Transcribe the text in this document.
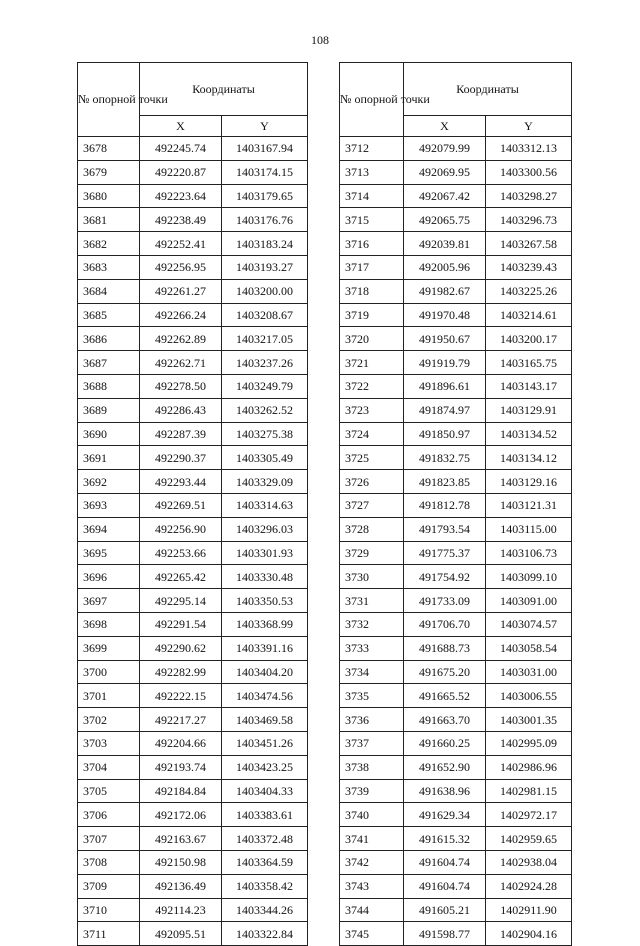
108
№ опорной точки	Координаты	
	X	Y
3678	492245.74	1403167.94
3679	492220.87	1403174.15
3680	492223.64	1403179.65
3681	492238.49	1403176.76
3682	492252.41	1403183.24
3683	492256.95	1403193.27
3684	492261.27	1403200.00
3685	492266.24	1403208.67
3686	492262.89	1403217.05
3687	492262.71	1403237.26
3688	492278.50	1403249.79
3689	492286.43	1403262.52
3690	492287.39	1403275.38
3691	492290.37	1403305.49
3692	492293.44	1403329.09
3693	492269.51	1403314.63
3694	492256.90	1403296.03
3695	492253.66	1403301.93
3696	492265.42	1403330.48
3697	492295.14	1403350.53
3698	492291.54	1403368.99
3699	492290.62	1403391.16
3700	492282.99	1403404.20
3701	492222.15	1403474.56
3702	492217.27	1403469.58
3703	492204.66	1403451.26
3704	492193.74	1403423.25
3705	492184.84	1403404.33
3706	492172.06	1403383.61
3707	492163.67	1403372.48
3708	492150.98	1403364.59
3709	492136.49	1403358.42
3710	492114.23	1403344.26
3711	492095.51	1403322.84
№ опорной точки	Координаты	
	X	Y
3712	492079.99	1403312.13
3713	492069.95	1403300.56
3714	492067.42	1403298.27
3715	492065.75	1403296.73
3716	492039.81	1403267.58
3717	492005.96	1403239.43
3718	491982.67	1403225.26
3719	491970.48	1403214.61
3720	491950.67	1403200.17
3721	491919.79	1403165.75
3722	491896.61	1403143.17
3723	491874.97	1403129.91
3724	491850.97	1403134.52
3725	491832.75	1403134.12
3726	491823.85	1403129.16
3727	491812.78	1403121.31
3728	491793.54	1403115.00
3729	491775.37	1403106.73
3730	491754.92	1403099.10
3731	491733.09	1403091.00
3732	491706.70	1403074.57
3733	491688.73	1403058.54
3734	491675.20	1403031.00
3735	491665.52	1403006.55
3736	491663.70	1403001.35
3737	491660.25	1402995.09
3738	491652.90	1402986.96
3739	491638.96	1402981.15
3740	491629.34	1402972.17
3741	491615.32	1402959.65
3742	491604.74	1402938.04
3743	491604.74	1402924.28
3744	491605.21	1402911.90
3745	491598.77	1402904.16
